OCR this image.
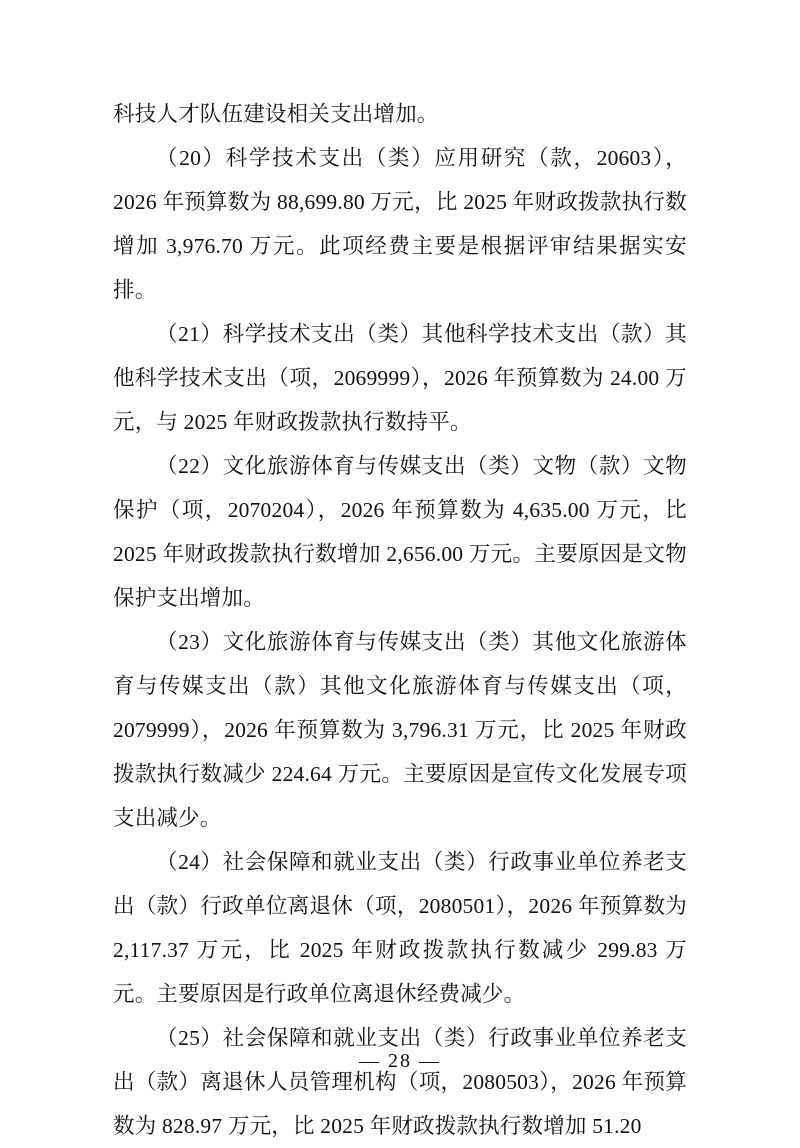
科技人才队伍建设相关支出增加。

（20）科学技术支出（类）应用研究（款，20603），2026 年预算数为 88,699.80 万元，比 2025 年财政拨款执行数增加 3,976.70 万元。此项经费主要是根据评审结果据实安排。

（21）科学技术支出（类）其他科学技术支出（款）其他科学技术支出（项，2069999），2026 年预算数为 24.00 万元，与 2025 年财政拨款执行数持平。

（22）文化旅游体育与传媒支出（类）文物（款）文物保护（项，2070204），2026 年预算数为 4,635.00 万元，比 2025 年财政拨款执行数增加 2,656.00 万元。主要原因是文物保护支出增加。

（23）文化旅游体育与传媒支出（类）其他文化旅游体育与传媒支出（款）其他文化旅游体育与传媒支出（项，2079999），2026 年预算数为 3,796.31 万元，比 2025 年财政拨款执行数减少 224.64 万元。主要原因是宣传文化发展专项支出减少。

（24）社会保障和就业支出（类）行政事业单位养老支出（款）行政单位离退休（项，2080501），2026 年预算数为 2,117.37 万元，比 2025 年财政拨款执行数减少 299.83 万元。主要原因是行政单位离退休经费减少。

（25）社会保障和就业支出（类）行政事业单位养老支出（款）离退休人员管理机构（项，2080503），2026 年预算数为 828.97 万元，比 2025 年财政拨款执行数增加 51.20

— 28 —
